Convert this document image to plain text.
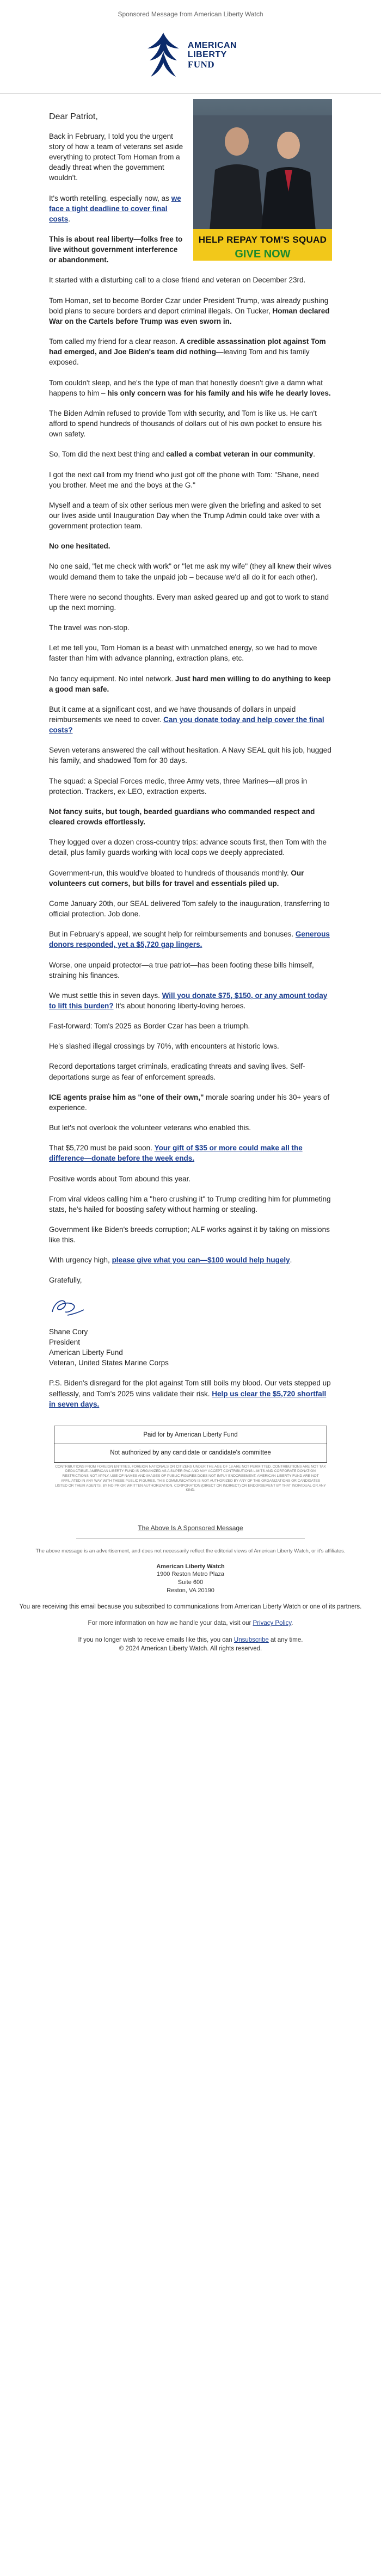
Sponsored Message from American Liberty Watch
AMERICAN
LIBERTY
FUND
HELP REPAY TOM'S SQUAD
GIVE NOW

Dear Patriot,

Back in February, I told you the urgent story of how a team of veterans set aside everything to protect Tom Homan from a deadly threat when the government wouldn't.

It's worth retelling, especially now, as we face a tight deadline to cover final costs.

This is about real liberty—folks free to live without government interference or abandonment.

It started with a disturbing call to a close friend and veteran on December 23rd.

Tom Homan, set to become Border Czar under President Trump, was already pushing bold plans to secure borders and deport criminal illegals. On Tucker, Homan declared War on the Cartels before Trump was even sworn in.

Tom called my friend for a clear reason. A credible assassination plot against Tom had emerged, and Joe Biden's team did nothing—leaving Tom and his family exposed.

Tom couldn't sleep, and he's the type of man that honestly doesn't give a damn what happens to him – his only concern was for his family and his wife he dearly loves.

The Biden Admin refused to provide Tom with security, and Tom is like us. He can't afford to spend hundreds of thousands of dollars out of his own pocket to ensure his own safety.

So, Tom did the next best thing and called a combat veteran in our community.

I got the next call from my friend who just got off the phone with Tom: "Shane, need you brother. Meet me and the boys at the G."

Myself and a team of six other serious men were given the briefing and asked to set our lives aside until Inauguration Day when the Trump Admin could take over with a government protection team.

No one hesitated.

No one said, "let me check with work" or "let me ask my wife" (they all knew their wives would demand them to take the unpaid job – because we'd all do it for each other).

There were no second thoughts. Every man asked geared up and got to work to stand up the next morning.

The travel was non-stop.

Let me tell you, Tom Homan is a beast with unmatched energy, so we had to move faster than him with advance planning, extraction plans, etc.

No fancy equipment. No intel network. Just hard men willing to do anything to keep a good man safe.

But it came at a significant cost, and we have thousands of dollars in unpaid reimbursements we need to cover. Can you donate today and help cover the final costs?

Seven veterans answered the call without hesitation. A Navy SEAL quit his job, hugged his family, and shadowed Tom for 30 days.

The squad: a Special Forces medic, three Army vets, three Marines—all pros in protection. Trackers, ex-LEO, extraction experts.

Not fancy suits, but tough, bearded guardians who commanded respect and cleared crowds effortlessly.

They logged over a dozen cross-country trips: advance scouts first, then Tom with the detail, plus family guards working with local cops we deeply appreciated.

Government-run, this would've bloated to hundreds of thousands monthly. Our volunteers cut corners, but bills for travel and essentials piled up.

Come January 20th, our SEAL delivered Tom safely to the inauguration, transferring to official protection. Job done.

But in February's appeal, we sought help for reimbursements and bonuses. Generous donors responded, yet a $5,720 gap lingers.

Worse, one unpaid protector—a true patriot—has been footing these bills himself, straining his finances.

We must settle this in seven days. Will you donate $75, $150, or any amount today to lift this burden? It's about honoring liberty-loving heroes.

Fast-forward: Tom's 2025 as Border Czar has been a triumph.

He's slashed illegal crossings by 70%, with encounters at historic lows.

Record deportations target criminals, eradicating threats and saving lives. Self-deportations surge as fear of enforcement spreads.

ICE agents praise him as "one of their own," morale soaring under his 30+ years of experience.

But let's not overlook the volunteer veterans who enabled this.

That $5,720 must be paid soon. Your gift of $35 or more could make all the difference—donate before the week ends.

Positive words about Tom abound this year.

From viral videos calling him a "hero crushing it" to Trump crediting him for plummeting stats, he's hailed for boosting safety without harming or stealing.

Government like Biden's breeds corruption; ALF works against it by taking on missions like this.

With urgency high, please give what you can—$100 would help hugely.

Gratefully,

Shane Cory

President

American Liberty Fund

Veteran, United States Marine Corps

P.S. Biden's disregard for the plot against Tom still boils my blood. Our vets stepped up selflessly, and Tom's 2025 wins validate their risk. Help us clear the $5,720 shortfall in seven days.

Paid for by American Liberty Fund
Not authorized by any candidate or candidate's committee
CONTRIBUTIONS FROM FOREIGN ENTITIES, FOREIGN NATIONALS OR CITIZENS UNDER THE AGE OF 18 ARE NOT PERMITTED. CONTRIBUTIONS ARE NOT TAX DEDUCTIBLE. AMERICAN LIBERTY FUND IS ORGANIZED AS A SUPER PAC AND MAY ACCEPT CONTRIBUTIONS LIMITS AND CORPORATE DONATION RESTRICTIONS NOT APPLY. USE OF NAMES AND IMAGES OF PUBLIC FIGURES DOES NOT IMPLY ENDORSEMENT. AMERICAN LIBERTY FUND ARE NOT AFFILIATED IN ANY WAY WITH THESE PUBLIC FIGURES. THIS COMMUNICATION IS NOT AUTHORIZED BY ANY OF THE ORGANIZATIONS OR CANDIDATES LISTED OR THEIR AGENTS. BY NO PRIOR WRITTEN AUTHORIZATION, CORPORATION (DIRECT OR INDIRECT) OR ENDORSEMENT BY THAT INDIVIDUAL OR ANY KIND.

The Above Is A Sponsored Message

The above message is an advertisement, and does not necessarily reflect the editorial views of American Liberty Watch, or it's affiliates.

American Liberty Watch
1900 Reston Metro Plaza
Suite 600
Reston, VA 20190

You are receiving this email because you subscribed to communications from American Liberty Watch or one of its partners.

For more information on how we handle your data, visit our Privacy Policy.

If you no longer wish to receive emails like this, you can Unsubscribe at any time.

© 2024 American Liberty Watch. All rights reserved.
